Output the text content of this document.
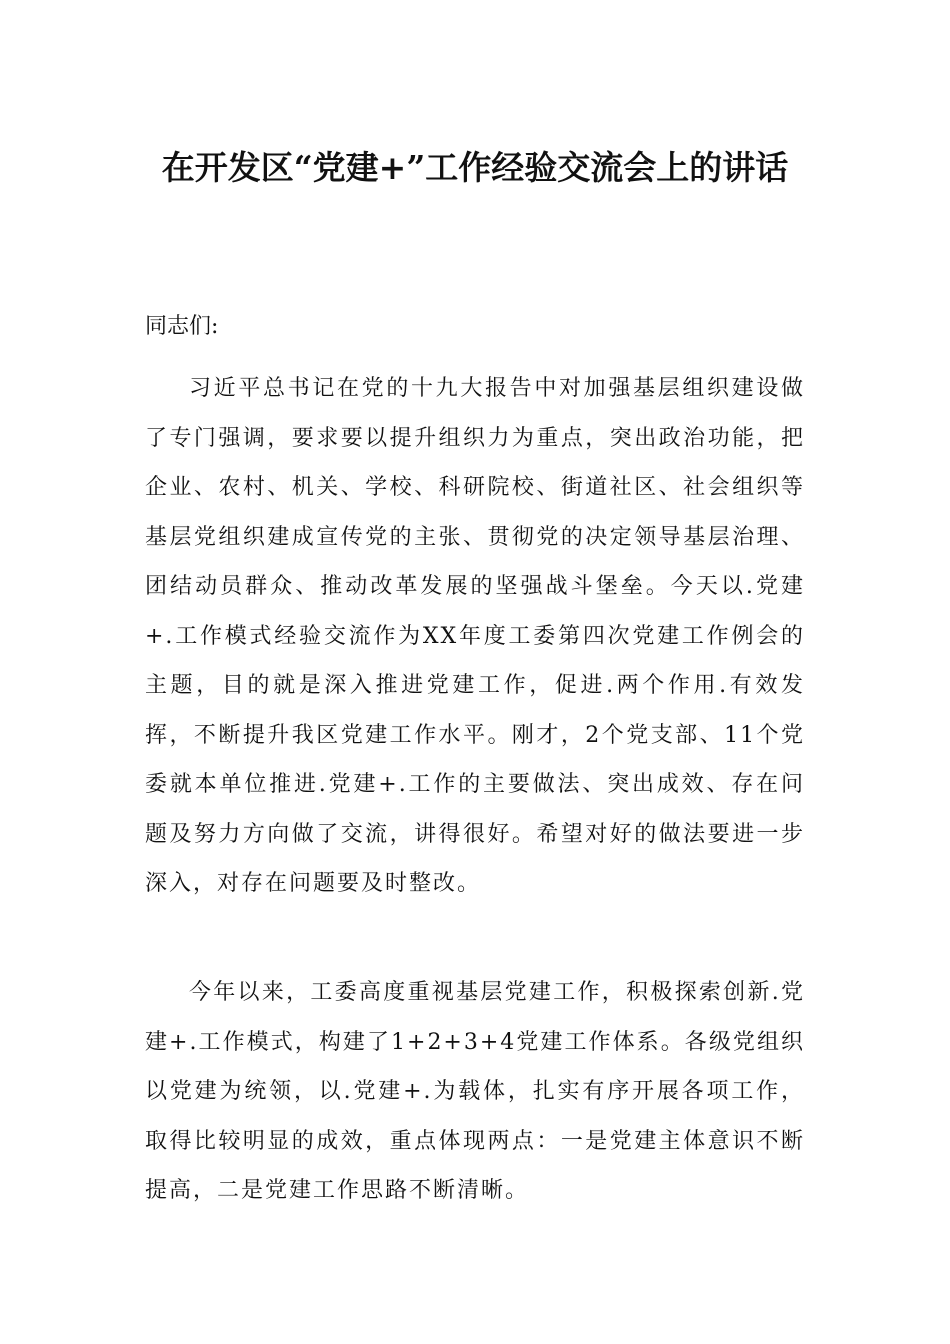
在开发区“党建+”工作经验交流会上的讲话
同志们:

习近平总书记在党的十九大报告中对加强基层组织建设做了专门强调，要求要以提升组织力为重点，突出政治功能，把企业、农村、机关、学校、科研院校、街道社区、社会组织等基层党组织建成宣传党的主张、贯彻党的决定领导基层治理、团结动员群众、推动改革发展的坚强战斗堡垒。今天以.党建+.工作模式经验交流作为XX年度工委第四次党建工作例会的主题，目的就是深入推进党建工作，促进.两个作用.有效发挥，不断提升我区党建工作水平。刚才，2个党支部、11个党委就本单位推进.党建+.工作的主要做法、突出成效、存在问题及努力方向做了交流，讲得很好。希望对好的做法要进一步深入，对存在问题要及时整改。

今年以来，工委高度重视基层党建工作，积极探索创新.党建+.工作模式，构建了1+2+3+4党建工作体系。各级党组织以党建为统领，以.党建+.为载体，扎实有序开展各项工作，取得比较明显的成效，重点体现两点：一是党建主体意识不断提高，二是党建工作思路不断清晰。
